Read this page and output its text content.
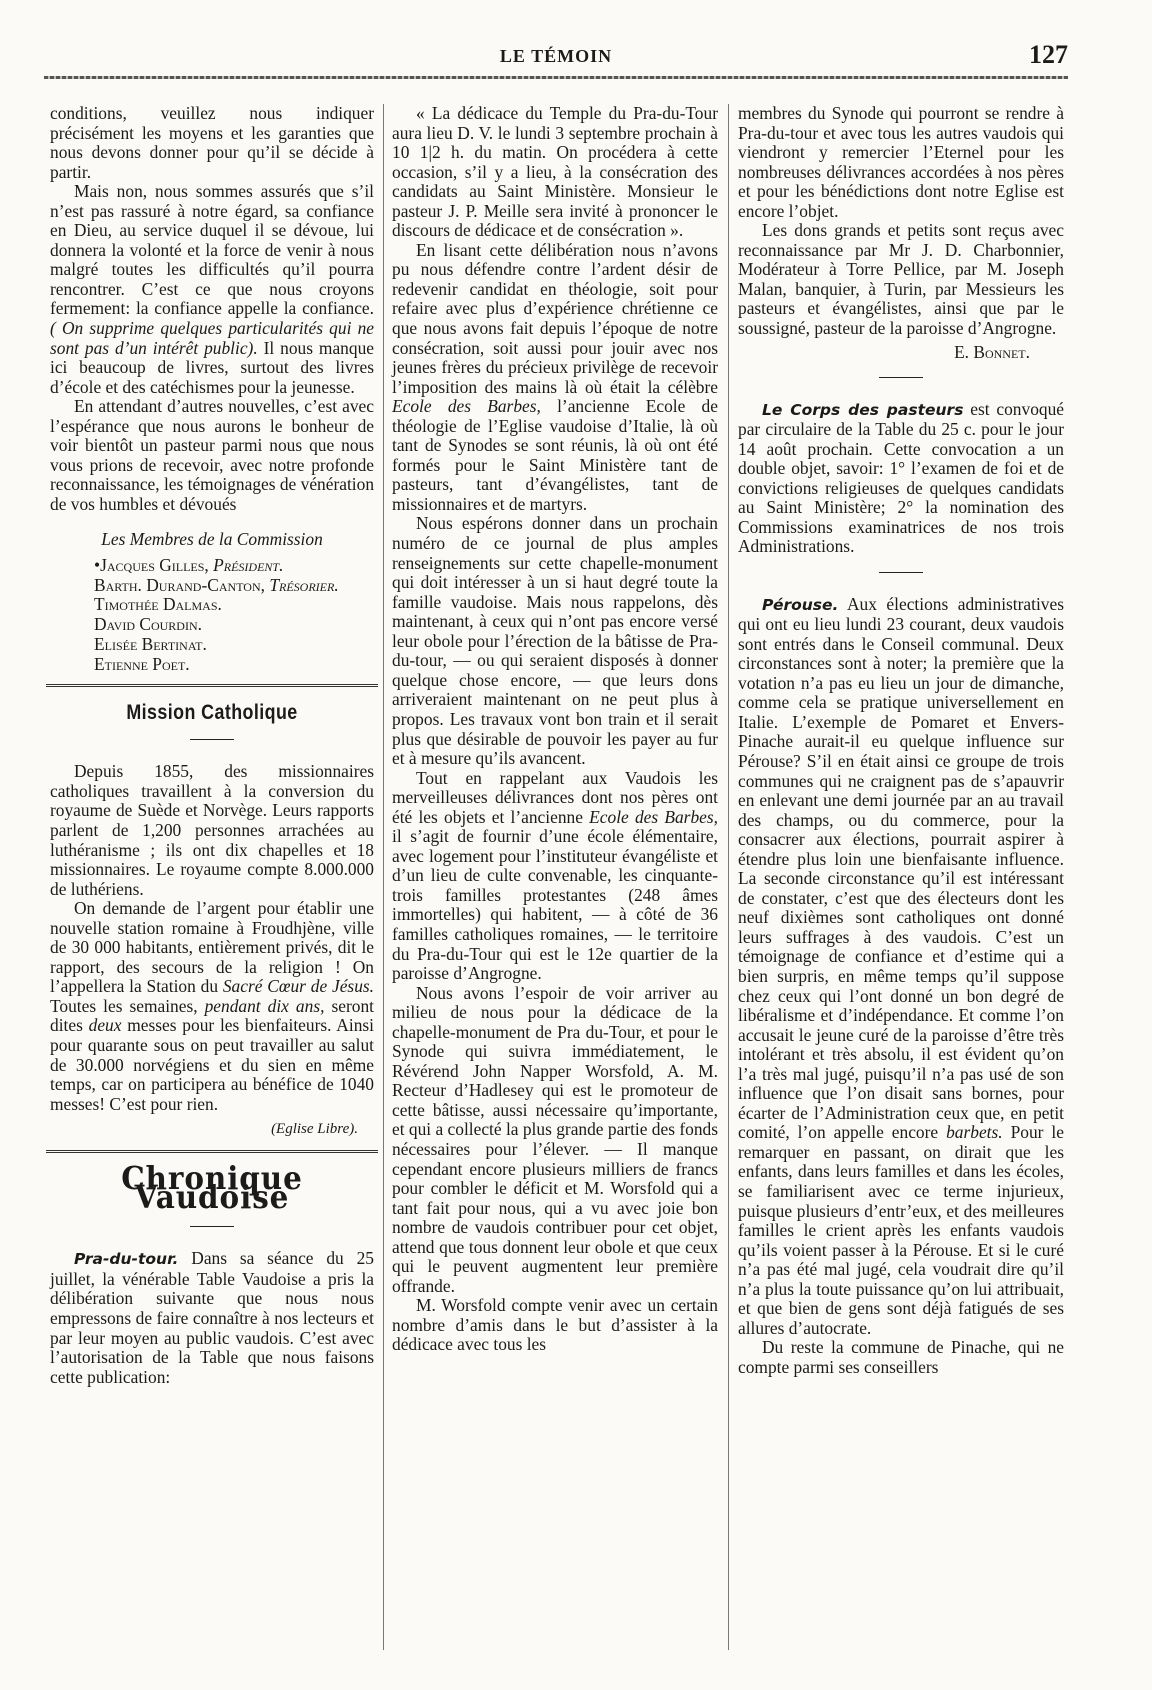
LE TÉMOIN	127

conditions, veuillez nous indiquer précisément les moyens et les garanties que nous devons donner pour qu’il se décide à partir.

Mais non, nous sommes assurés que s’il n’est pas rassuré à notre égard, sa confiance en Dieu, au service duquel il se dévoue, lui donnera la volonté et la force de venir à nous malgré toutes les difficultés qu’il pourra rencontrer. C’est ce que nous croyons fermement: la confiance appelle la confiance. ( On supprime quelques particularités qui ne sont pas d’un intérêt public). Il nous manque ici beaucoup de livres, surtout des livres d’école et des catéchismes pour la jeunesse.

En attendant d’autres nouvelles, c’est avec l’espérance que nous aurons le bonheur de voir bientôt un pasteur parmi nous que nous vous prions de recevoir, avec notre profonde reconnaissance, les témoignages de vénération de vos humbles et dévoués

Les Membres de la Commission
•Jacques Gilles, Président.
Barth. Durand-Canton, Trésorier.
Timothée Dalmas.
David Courdin.
Elisée Bertinat.
Etienne Poet.
Mission Catholique

Depuis 1855, des missionnaires catholiques travaillent à la conversion du royaume de Suède et Norvège. Leurs rapports parlent de 1,200 personnes arrachées au luthéranisme ; ils ont dix chapelles et 18 missionnaires. Le royaume compte 8.000.000 de luthériens.

On demande de l’argent pour établir une nouvelle station romaine à Froudhjène, ville de 30 000 habitants, entièrement privés, dit le rapport, des secours de la religion ! On l’appellera la Station du Sacré Cœur de Jésus. Toutes les semaines, pendant dix ans, seront dites deux messes pour les bienfaiteurs. Ainsi pour quarante sous on peut travailler au salut de 30.000 norvégiens et du sien en même temps, car on participera au bénéfice de 1040 messes! C’est pour rien.

(Eglise Libre).
Chronique Vaudoise

Pra-du-tour. Dans sa séance du 25 juillet, la vénérable Table Vaudoise a pris la délibération suivante que nous nous empressons de faire connaître à nos lecteurs et par leur moyen au public vaudois. C’est avec l’autorisation de la Table que nous faisons cette publication:

« La dédicace du Temple du Pra-du-Tour aura lieu D. V. le lundi 3 septembre prochain à 10 1|2 h. du matin. On procédera à cette occasion, s’il y a lieu, à la consécration des candidats au Saint Ministère. Monsieur le pasteur J. P. Meille sera invité à prononcer le discours de dédicace et de consécration ».

En lisant cette délibération nous n’avons pu nous défendre contre l’ardent désir de redevenir candidat en théologie, soit pour refaire avec plus d’expérience chrétienne ce que nous avons fait depuis l’époque de notre consécration, soit aussi pour jouir avec nos jeunes frères du précieux privilège de recevoir l’imposition des mains là où était la célèbre Ecole des Barbes, l’ancienne Ecole de théologie de l’Eglise vaudoise d’Italie, là où tant de Synodes se sont réunis, là où ont été formés pour le Saint Ministère tant de pasteurs, tant d’évangélistes, tant de missionnaires et de martyrs.

Nous espérons donner dans un prochain numéro de ce journal de plus amples renseignements sur cette chapelle-monument qui doit intéresser à un si haut degré toute la famille vaudoise. Mais nous rappelons, dès maintenant, à ceux qui n’ont pas encore versé leur obole pour l’érection de la bâtisse de Pra-du-tour, — ou qui seraient disposés à donner quelque chose encore, — que leurs dons arriveraient maintenant on ne peut plus à propos. Les travaux vont bon train et il serait plus que désirable de pouvoir les payer au fur et à mesure qu’ils avancent.

Tout en rappelant aux Vaudois les merveilleuses délivrances dont nos pères ont été les objets et l’ancienne Ecole des Barbes, il s’agit de fournir d’une école élémentaire, avec logement pour l’instituteur évangéliste et d’un lieu de culte convenable, les cinquante-trois familles protestantes (248 âmes immortelles) qui habitent, — à côté de 36 familles catholiques romaines, — le territoire du Pra-du-Tour qui est le 12e quartier de la paroisse d’Angrogne.

Nous avons l’espoir de voir arriver au milieu de nous pour la dédicace de la chapelle-monument de Pra du-Tour, et pour le Synode qui suivra immédiatement, le Révérend John Napper Worsfold, A. M. Recteur d’Hadlesey qui est le promoteur de cette bâtisse, aussi nécessaire qu’importante, et qui a collecté la plus grande partie des fonds nécessaires pour l’élever. — Il manque cependant encore plusieurs milliers de francs pour combler le déficit et M. Worsfold qui a tant fait pour nous, qui a vu avec joie bon nombre de vaudois contribuer pour cet objet, attend que tous donnent leur obole et que ceux qui le peuvent augmentent leur première offrande.

M. Worsfold compte venir avec un certain nombre d’amis dans le but d’assister à la dédicace avec tous les

membres du Synode qui pourront se rendre à Pra-du-tour et avec tous les autres vaudois qui viendront y remercier l’Eternel pour les nombreuses délivrances accordées à nos pères et pour les bénédictions dont notre Eglise est encore l’objet.

Les dons grands et petits sont reçus avec reconnaissance par Mr J. D. Charbonnier, Modérateur à Torre Pellice, par M. Joseph Malan, banquier, à Turin, par Messieurs les pasteurs et évangélistes, ainsi que par le soussigné, pasteur de la paroisse d’Angrogne.

E. Bonnet.

Le Corps des pasteurs est convoqué par circulaire de la Table du 25 c. pour le jour 14 août prochain. Cette convocation a un double objet, savoir: 1° l’examen de foi et de convictions religieuses de quelques candidats au Saint Ministère; 2° la nomination des Commissions examinatrices de nos trois Administrations.

Pérouse. Aux élections administratives qui ont eu lieu lundi 23 courant, deux vaudois sont entrés dans le Conseil communal. Deux circonstances sont à noter; la première que la votation n’a pas eu lieu un jour de dimanche, comme cela se pratique universellement en Italie. L’exemple de Pomaret et Envers-Pinache aurait-il eu quelque influence sur Pérouse? S’il en était ainsi ce groupe de trois communes qui ne craignent pas de s’apauvrir en enlevant une demi journée par an au travail des champs, ou du commerce, pour la consacrer aux élections, pourrait aspirer à étendre plus loin une bienfaisante influence. La seconde circonstance qu’il est intéressant de constater, c’est que des électeurs dont les neuf dixièmes sont catholiques ont donné leurs suffrages à des vaudois. C’est un témoignage de confiance et d’estime qui a bien surpris, en même temps qu’il suppose chez ceux qui l’ont donné un bon degré de libéralisme et d’indépendance. Et comme l’on accusait le jeune curé de la paroisse d’être très intolérant et très absolu, il est évident qu’on l’a très mal jugé, puisqu’il n’a pas usé de son influence que l’on disait sans bornes, pour écarter de l’Administration ceux que, en petit comité, l’on appelle encore barbets. Pour le remarquer en passant, on dirait que les enfants, dans leurs familles et dans les écoles, se familiarisent avec ce terme injurieux, puisque plusieurs d’entr’eux, et des meilleures familles le crient après les enfants vaudois qu’ils voient passer à la Pérouse. Et si le curé n’a pas été mal jugé, cela voudrait dire qu’il n’a plus la toute puissance qu’on lui attribuait, et que bien de gens sont déjà fatigués de ses allures d’autocrate.

Du reste la commune de Pinache, qui ne compte parmi ses conseillers
